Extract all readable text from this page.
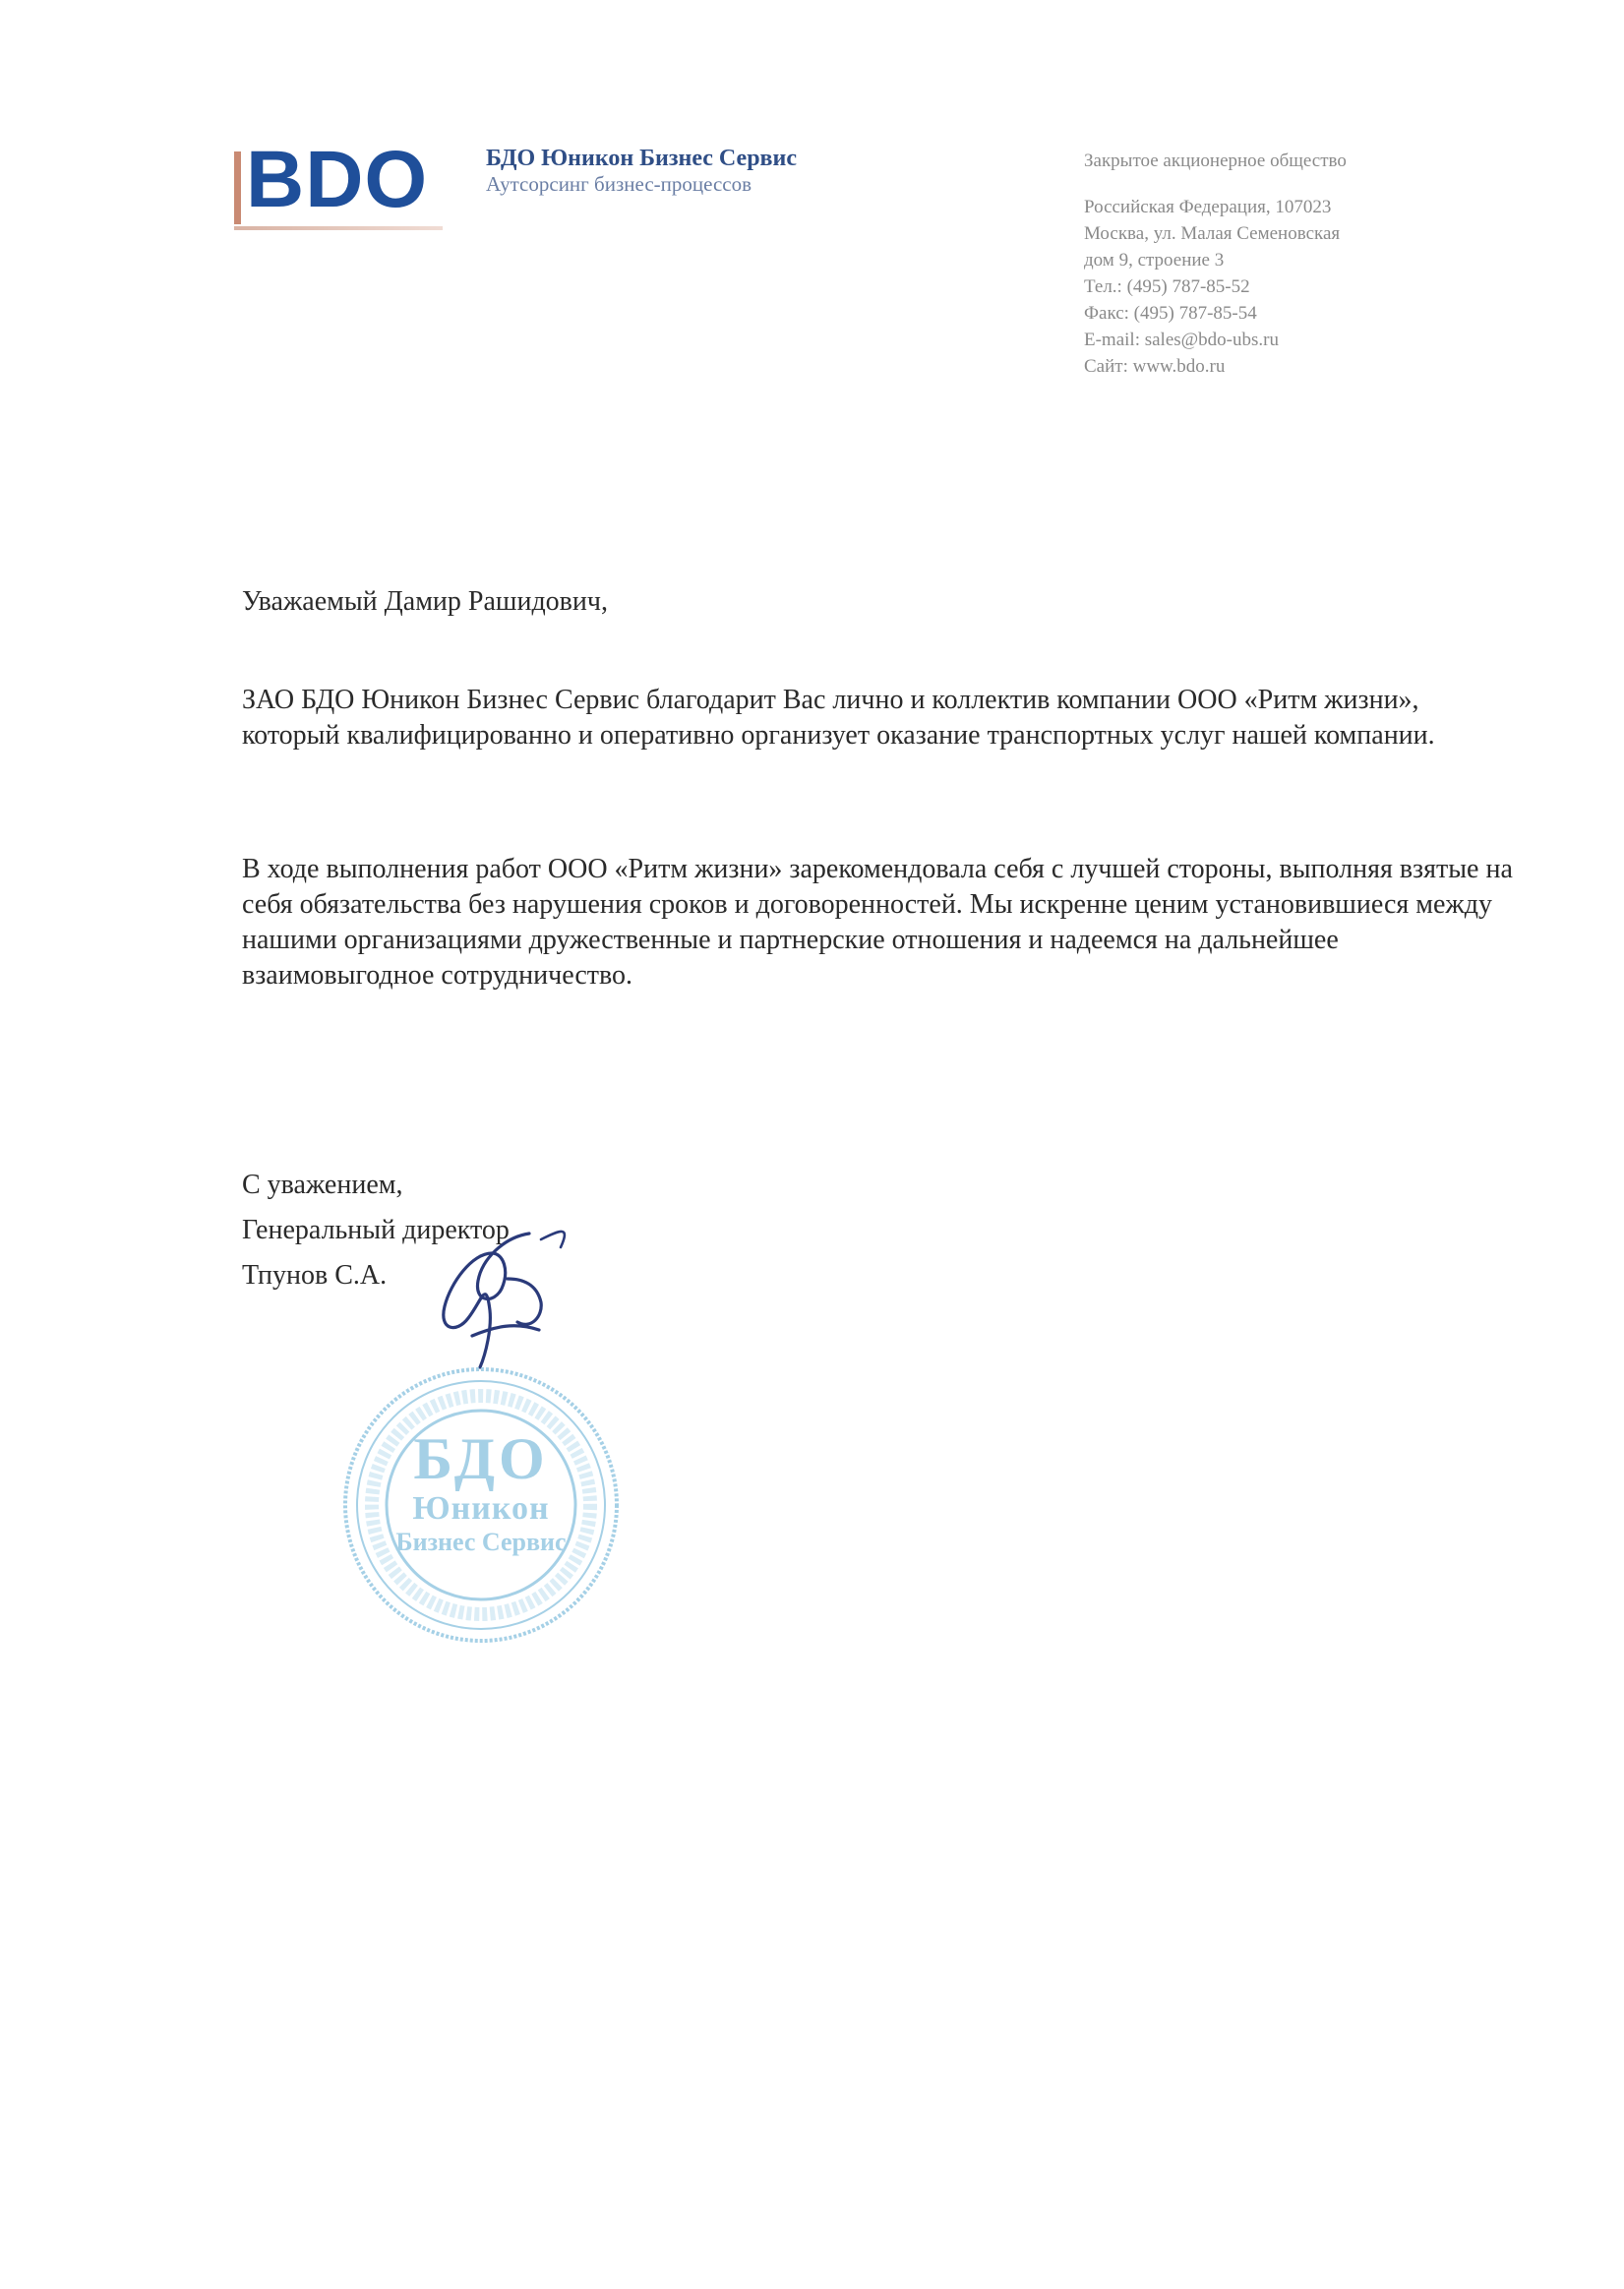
BDO БДО Юникон Бизнес Сервис
Аутсорсинг бизнес-процессов
Закрытое акционерное общество
Российская Федерация, 107023
Москва, ул. Малая Семеновская
дом 9, строение 3
Тел.: (495) 787-85-52
Факс: (495) 787-85-54
E-mail: sales@bdo-ubs.ru
Сайт: www.bdo.ru
Уважаемый Дамир Рашидович,
ЗАО БДО Юникон Бизнес Сервис благодарит Вас лично и коллектив компании ООО «Ритм жизни», который квалифицированно и оперативно организует оказание транспортных услуг нашей компании.
В ходе выполнения работ ООО «Ритм жизни» зарекомендовала себя с лучшей стороны, выполняя взятые на себя обязательства без нарушения сроков и договоренностей. Мы искренне ценим установившиеся между нашими организациями дружественные и партнерские отношения и надеемся на дальнейшее взаимовыгодное сотрудничество.
С уважением,
Генеральный директор
Тпунов С.А.
БДО
Юникон
Бизнес Сервис
